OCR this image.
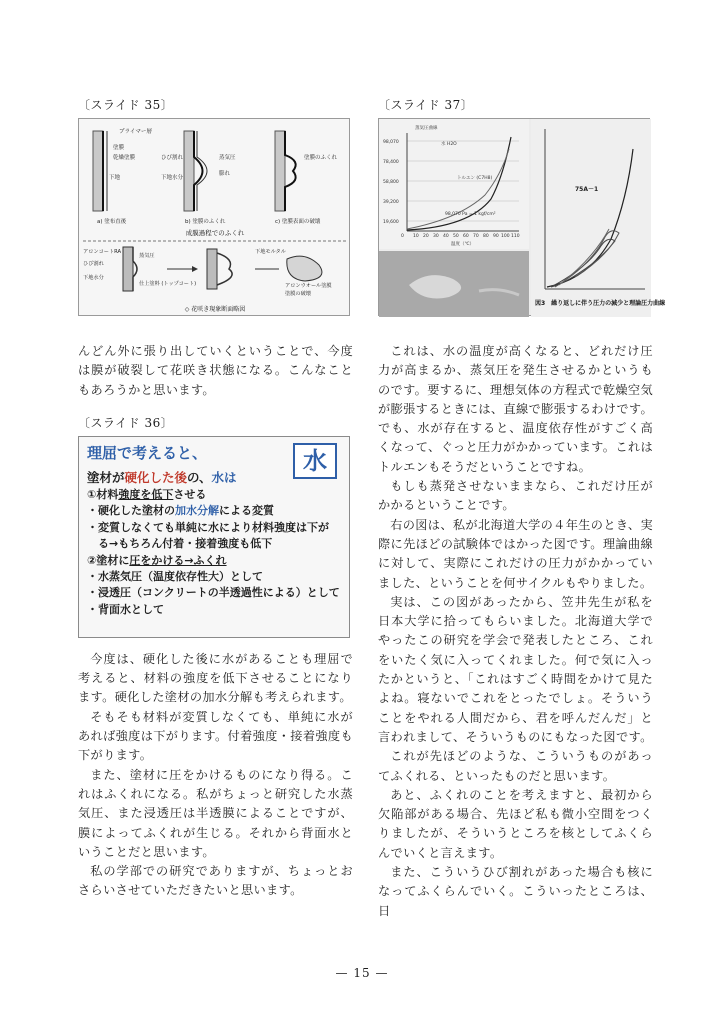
〔スライド 35〕
プライマー層
塗膜
乾燥塗膜
下地
ひび割れ
下地水分
蒸気圧
膨れ
塗膜のふくれ
a) 塗布直後	b) 塗膜のふくれ	c) 塗膜表面の破壊
成膜過程でのふくれ
アロンコートRA
ひび割れ
下地水分
仕上塗料 (トップコート)
蒸気圧
下地モルタル
アロンウオール塗膜
塗膜の破壊
◇ 花咲き現象断面略図

んどん外に張り出していくということで、今度は膜が破裂して花咲き状態になる。こんなこともあろうかと思います。

〔スライド 36〕
理屈で考えると、	水
塗材が硬化した後の、水は
①材料強度を低下させる
・硬化した塗材の加水分解による変質
・変質しなくても単純に水により材料強度は下が
　る→もちろん付着・接着強度も低下
②塗材に圧をかける→ふくれ
・水蒸気圧（温度依存性大）として
・浸透圧（コンクリートの半透過性による）として
・背面水として

今度は、硬化した後に水があることも理屈で考えると、材料の強度を低下させることになります。硬化した塗材の加水分解も考えられます。

そもそも材料が変質しなくても、単純に水があれば強度は下がります。付着強度・接着強度も下がります。

また、塗材に圧をかけるものになり得る。これはふくれになる。私がちょっと研究した水蒸気圧、また浸透圧は半透膜によることですが、膜によってふくれが生じる。それから背面水ということだと思います。

私の学部での研究でありますが、ちょっとおさらいさせていただきたいと思います。

〔スライド 37〕
蒸気圧曲線
水 H2O
トルエン (C7H8)
98,070 Pa = 1 kgf/cm²
温度（℃）
98,070
78,400
58,800
39,200
19,600
0 10 20 30 40 50 60 70 80 90 100 110
75A－1
図3　繰り返しに伴う圧力の減少と理論圧力曲線

これは、水の温度が高くなると、どれだけ圧力が高まるか、蒸気圧を発生させるかというものです。要するに、理想気体の方程式で乾燥空気が膨張するときには、直線で膨張するわけです。でも、水が存在すると、温度依存性がすごく高くなって、ぐっと圧力がかかっています。これはトルエンもそうだということですね。

もしも蒸発させないままなら、これだけ圧がかかるということです。

右の図は、私が北海道大学の４年生のとき、実際に先ほどの試験体ではかった図です。理論曲線に対して、実際にこれだけの圧力がかかっていました、ということを何サイクルもやりました。

実は、この図があったから、笠井先生が私を日本大学に拾ってもらいました。北海道大学でやったこの研究を学会で発表したところ、これをいたく気に入ってくれました。何で気に入ったかというと、「これはすごく時間をかけて見たよね。寝ないでこれをとったでしょ。そういうことをやれる人間だから、君を呼んだんだ」と言われまして、そういうものにもなった図です。

これが先ほどのような、こういうものがあってふくれる、といったものだと思います。

あと、ふくれのことを考えますと、最初から欠陥部がある場合、先ほど私も微小空間をつくりましたが、そういうところを核としてふくらんでいくと言えます。

また、こういうひび割れがあった場合も核になってふくらんでいく。こういったところは、日

— 15 —
